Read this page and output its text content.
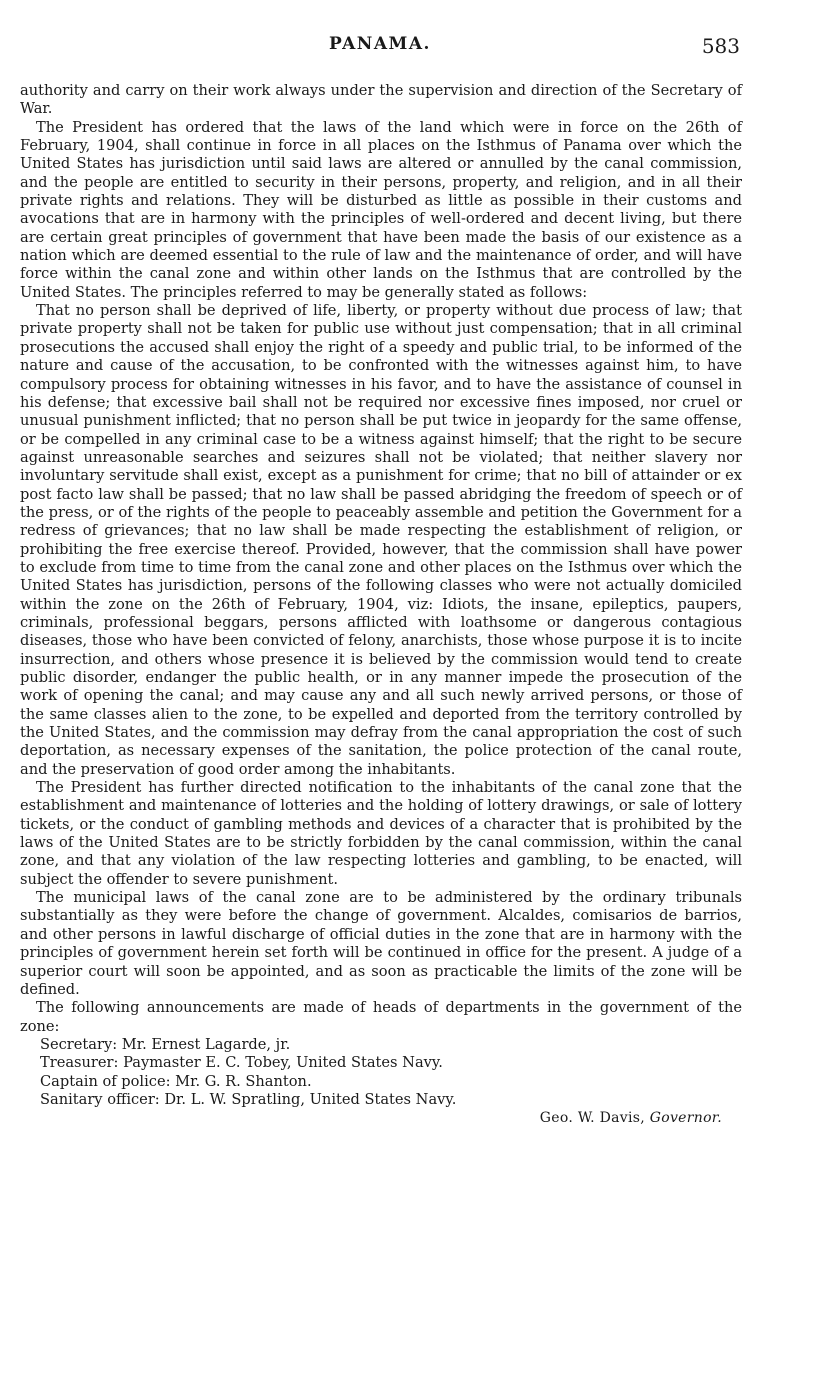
PANAMA.	583

authority and carry on their work always under the supervision and direction of the Secretary of War.

The President has ordered that the laws of the land which were in force on the 26th of February, 1904, shall continue in force in all places on the Isthmus of Panama over which the United States has jurisdiction until said laws are altered or annulled by the canal commission, and the people are entitled to security in their persons, property, and religion, and in all their private rights and relations. They will be disturbed as little as possible in their customs and avocations that are in harmony with the principles of well-ordered and decent living, but there are certain great principles of government that have been made the basis of our existence as a nation which are deemed essential to the rule of law and the maintenance of order, and will have force within the canal zone and within other lands on the Isthmus that are controlled by the United States. The principles referred to may be generally stated as follows:

That no person shall be deprived of life, liberty, or property without due process of law; that private property shall not be taken for public use without just compensation; that in all criminal prosecutions the accused shall enjoy the right of a speedy and public trial, to be informed of the nature and cause of the accusation, to be confronted with the witnesses against him, to have compulsory process for obtaining witnesses in his favor, and to have the assistance of counsel in his defense; that excessive bail shall not be required nor excessive fines imposed, nor cruel or unusual punishment inflicted; that no person shall be put twice in jeopardy for the same offense, or be compelled in any criminal case to be a witness against himself; that the right to be secure against unreasonable searches and seizures shall not be violated; that neither slavery nor involuntary servitude shall exist, except as a punishment for crime; that no bill of attainder or ex post facto law shall be passed; that no law shall be passed abridging the freedom of speech or of the press, or of the rights of the people to peaceably assemble and petition the Government for a redress of grievances; that no law shall be made respecting the establishment of religion, or prohibiting the free exercise thereof. Provided, however, that the commission shall have power to exclude from time to time from the canal zone and other places on the Isthmus over which the United States has jurisdiction, persons of the following classes who were not actually domiciled within the zone on the 26th of February, 1904, viz: Idiots, the insane, epileptics, paupers, criminals, professional beggars, persons afflicted with loathsome or dangerous contagious diseases, those who have been convicted of felony, anarchists, those whose purpose it is to incite insurrection, and others whose presence it is believed by the commission would tend to create public disorder, endanger the public health, or in any manner impede the prosecution of the work of opening the canal; and may cause any and all such newly arrived persons, or those of the same classes alien to the zone, to be expelled and deported from the territory controlled by the United States, and the commission may defray from the canal appropriation the cost of such deportation, as necessary expenses of the sanitation, the police protection of the canal route, and the preservation of good order among the inhabitants.

The President has further directed notification to the inhabitants of the canal zone that the establishment and maintenance of lotteries and the holding of lottery drawings, or sale of lottery tickets, or the conduct of gambling methods and devices of a character that is prohibited by the laws of the United States are to be strictly forbidden by the canal commission, within the canal zone, and that any violation of the law respecting lotteries and gambling, to be enacted, will subject the offender to severe punishment.

The municipal laws of the canal zone are to be administered by the ordinary tribunals substantially as they were before the change of government. Alcaldes, comisarios de barrios, and other persons in lawful discharge of official duties in the zone that are in harmony with the principles of government herein set forth will be continued in office for the present. A judge of a superior court will soon be appointed, and as soon as practicable the limits of the zone will be defined.

The following announcements are made of heads of departments in the government of the zone:

Secretary: Mr. Ernest Lagarde, jr.
Treasurer: Paymaster E. C. Tobey, United States Navy.
Captain of police: Mr. G. R. Shanton.
Sanitary officer: Dr. L. W. Spratling, United States Navy.
Geo. W. Davis, Governor.
